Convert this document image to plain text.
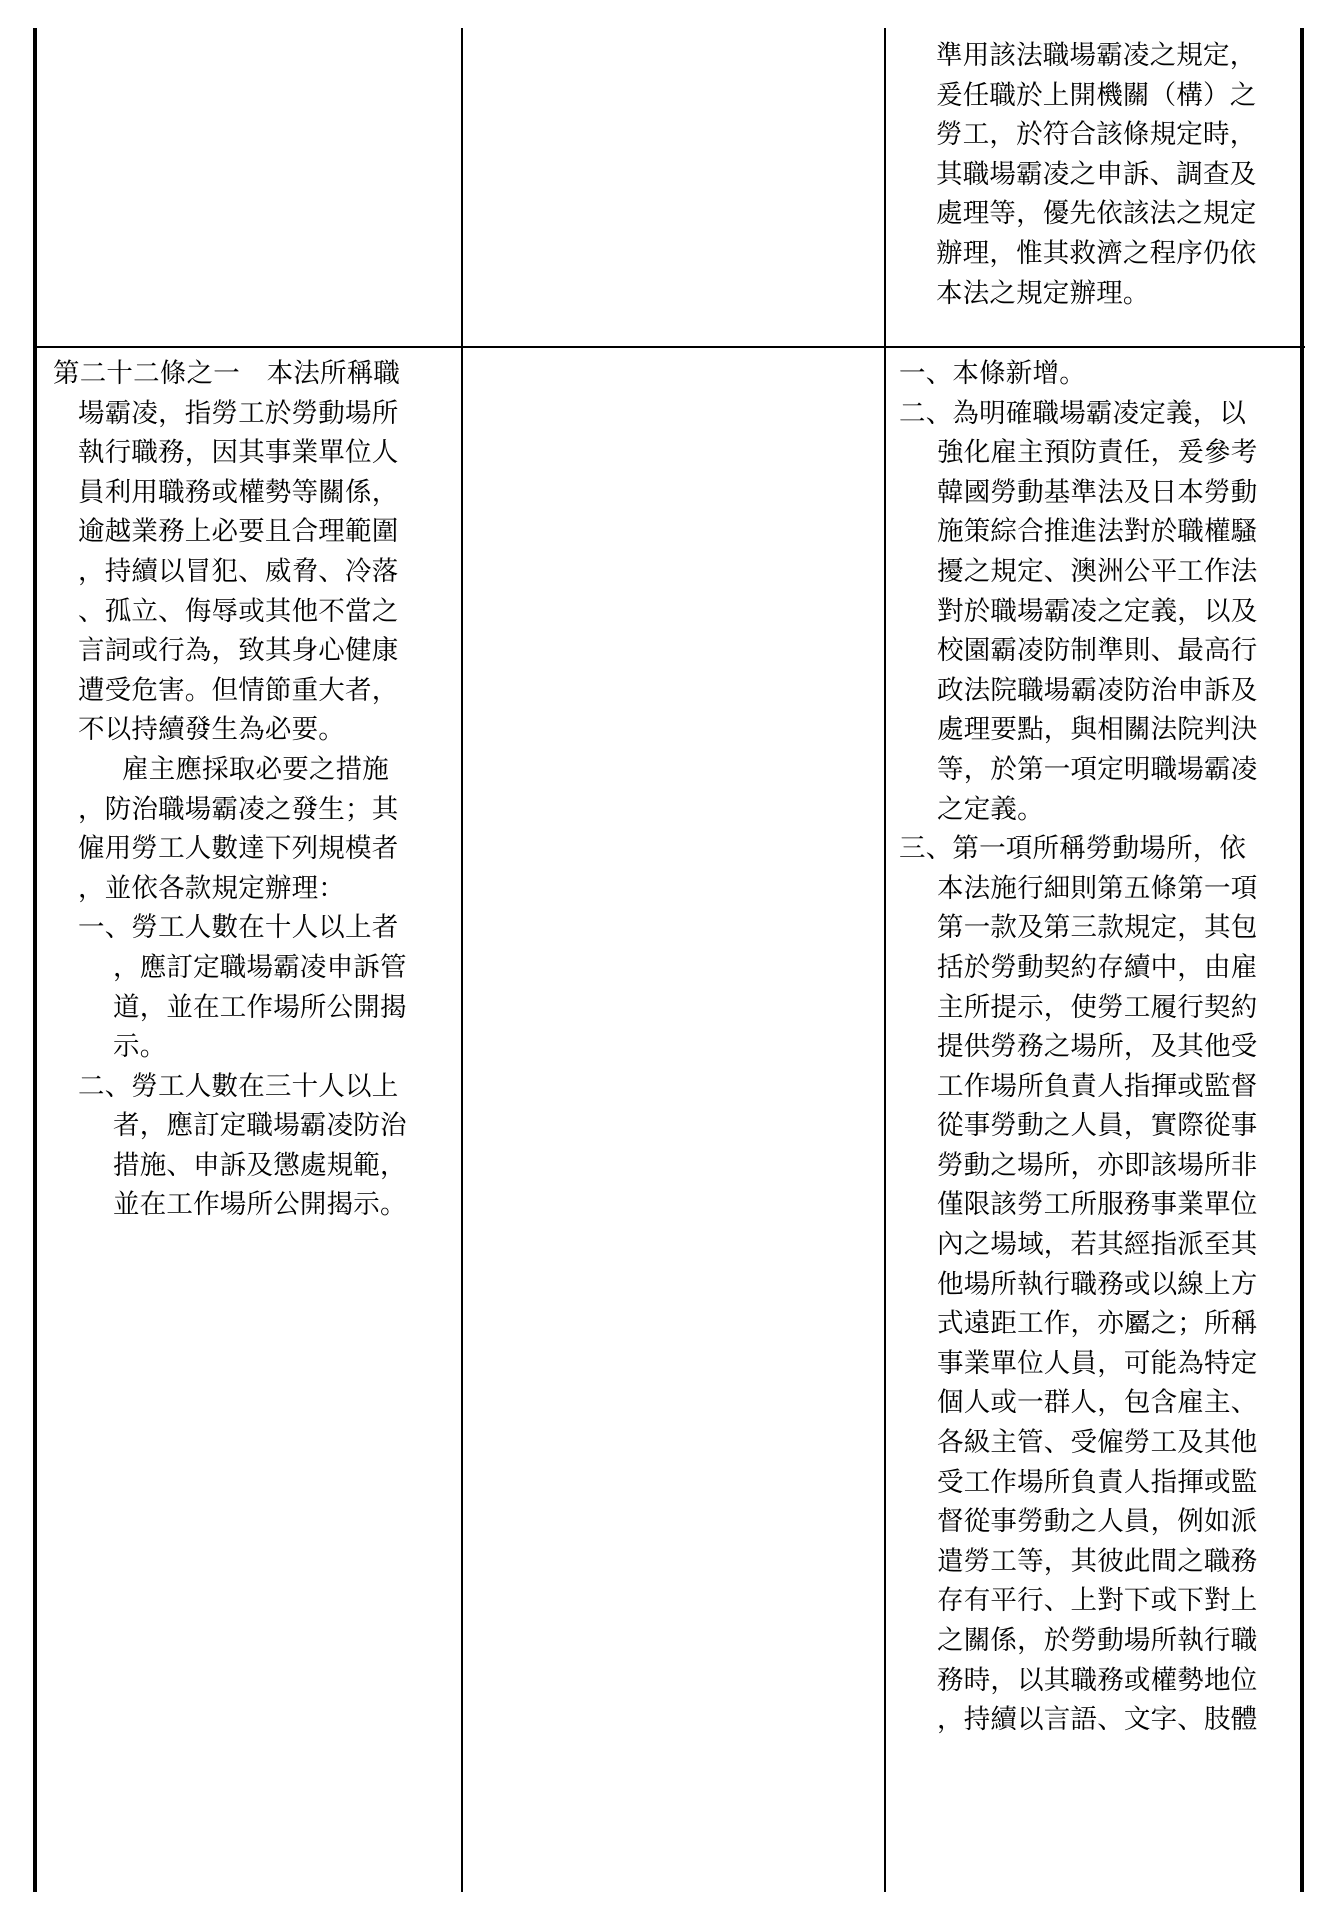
準用該法職場霸凌之規定，
爰任職於上開機關（構）之
勞工，於符合該條規定時，
其職場霸凌之申訴、調查及
處理等，優先依該法之規定
辦理，惟其救濟之程序仍依
本法之規定辦理。
第二十二條之一　本法所稱職
場霸凌，指勞工於勞動場所
執行職務，因其事業單位人
員利用職務或權勢等關係，
逾越業務上必要且合理範圍
，持續以冒犯、威脅、冷落
、孤立、侮辱或其他不當之
言詞或行為，致其身心健康
遭受危害。但情節重大者，
不以持續發生為必要。
雇主應採取必要之措施
，防治職場霸凌之發生；其
僱用勞工人數達下列規模者
，並依各款規定辦理：
一、勞工人數在十人以上者
，應訂定職場霸凌申訴管
道，並在工作場所公開揭
示。
二、勞工人數在三十人以上
者，應訂定職場霸凌防治
措施、申訴及懲處規範，
並在工作場所公開揭示。
一、本條新增。
二、為明確職場霸凌定義，以
強化雇主預防責任，爰參考
韓國勞動基準法及日本勞動
施策綜合推進法對於職權騷
擾之規定、澳洲公平工作法
對於職場霸凌之定義，以及
校園霸凌防制準則、最高行
政法院職場霸凌防治申訴及
處理要點，與相關法院判決
等，於第一項定明職場霸凌
之定義。
三、第一項所稱勞動場所，依
本法施行細則第五條第一項
第一款及第三款規定，其包
括於勞動契約存續中，由雇
主所提示，使勞工履行契約
提供勞務之場所，及其他受
工作場所負責人指揮或監督
從事勞動之人員，實際從事
勞動之場所，亦即該場所非
僅限該勞工所服務事業單位
內之場域，若其經指派至其
他場所執行職務或以線上方
式遠距工作，亦屬之；所稱
事業單位人員，可能為特定
個人或一群人，包含雇主、
各級主管、受僱勞工及其他
受工作場所負責人指揮或監
督從事勞動之人員，例如派
遣勞工等，其彼此間之職務
存有平行、上對下或下對上
之關係，於勞動場所執行職
務時，以其職務或權勢地位
，持續以言語、文字、肢體
